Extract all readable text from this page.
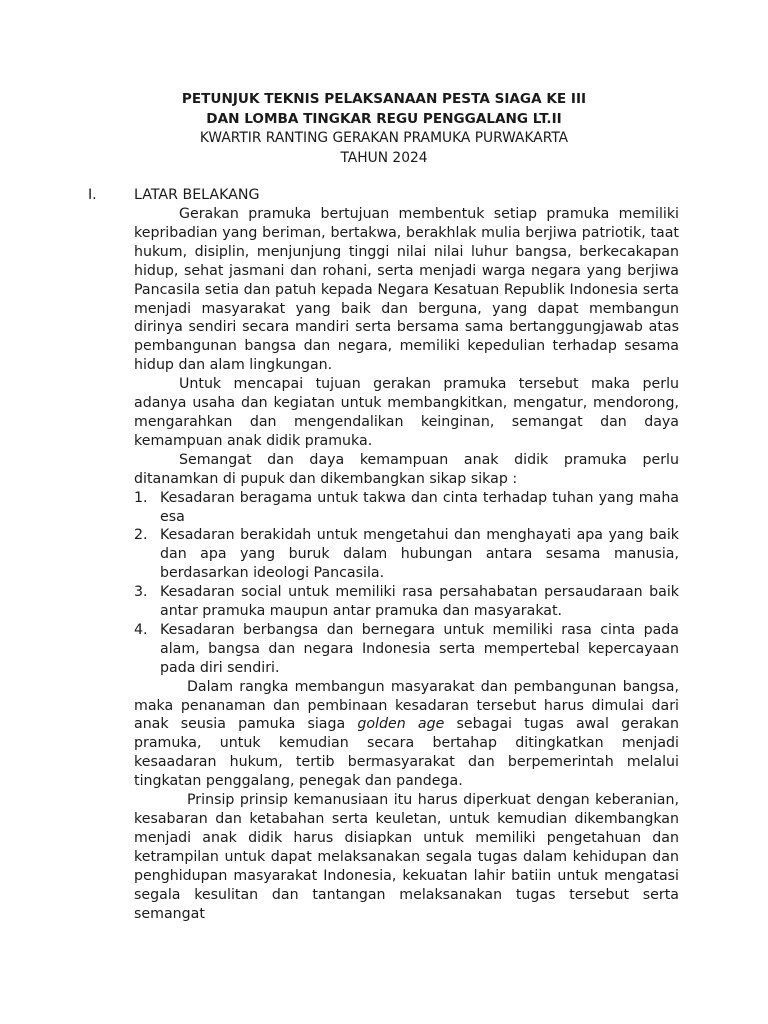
PETUNJUK TEKNIS PELAKSANAAN PESTA SIAGA KE III
DAN LOMBA TINGKAR REGU PENGGALANG LT.II
KWARTIR RANTING GERAKAN PRAMUKA PURWAKARTA
TAHUN 2024
I.	LATAR BELAKANG

Gerakan pramuka bertujuan membentuk setiap pramuka memiliki kepribadian yang beriman, bertakwa, berakhlak mulia berjiwa patriotik, taat hukum, disiplin, menjunjung tinggi nilai nilai luhur bangsa, berkecakapan hidup, sehat jasmani dan rohani, serta menjadi warga negara yang berjiwa Pancasila setia dan patuh kepada Negara Kesatuan Republik Indonesia serta menjadi masyarakat yang baik dan berguna, yang dapat membangun dirinya sendiri secara mandiri serta bersama sama bertanggungjawab atas pembangunan bangsa dan negara, memiliki kepedulian terhadap sesama hidup dan alam lingkungan.

Untuk mencapai tujuan gerakan pramuka tersebut maka perlu adanya usaha dan kegiatan untuk membangkitkan, mengatur, mendorong, mengarahkan dan mengendalikan keinginan, semangat dan daya kemampuan anak didik pramuka.

Semangat dan daya kemampuan anak didik pramuka perlu ditanamkan di pupuk dan dikembangkan sikap sikap :

1. Kesadaran beragama untuk takwa dan cinta terhadap tuhan yang maha esa
2. Kesadaran berakidah untuk mengetahui dan menghayati apa yang baik dan apa yang buruk dalam hubungan antara sesama manusia, berdasarkan ideologi Pancasila.
3. Kesadaran social untuk memiliki rasa persahabatan persaudaraan baik antar pramuka maupun antar pramuka dan masyarakat.
4. Kesadaran berbangsa dan bernegara untuk memiliki rasa cinta pada alam, bangsa dan negara Indonesia serta mempertebal kepercayaan pada diri sendiri.

Dalam rangka membangun masyarakat dan pembangunan bangsa, maka penanaman dan pembinaan kesadaran tersebut harus dimulai dari anak seusia pamuka siaga golden age sebagai tugas awal gerakan pramuka, untuk kemudian secara bertahap ditingkatkan menjadi kesaadaran hukum, tertib bermasyarakat dan berpemerintah melalui tingkatan penggalang, penegak dan pandega.

Prinsip prinsip kemanusiaan itu harus diperkuat dengan keberanian, kesabaran dan ketabahan serta keuletan, untuk kemudian dikembangkan menjadi anak didik harus disiapkan untuk memiliki pengetahuan dan ketrampilan untuk dapat melaksanakan segala tugas dalam kehidupan dan penghidupan masyarakat Indonesia, kekuatan lahir batiin untuk mengatasi segala kesulitan dan tantangan melaksanakan tugas tersebut serta semangat
